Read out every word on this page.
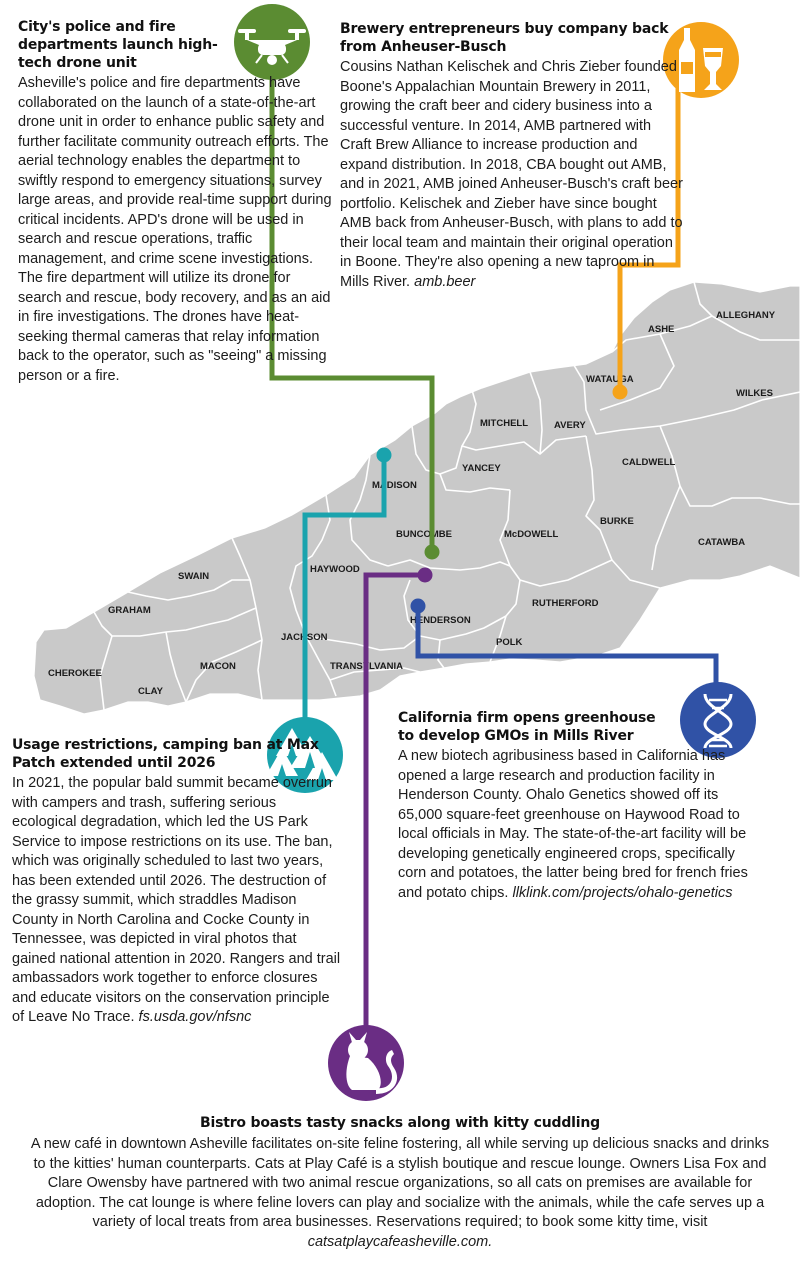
ASHE
ALLEGHANY
WATAUGA
WILKES
MITCHELL	AVERY
CALDWELL
MADISON
YANCEY
BURKE
BUNCOMBE	McDOWELL
CATAWBA
SWAIN
HAYWOOD
RUTHERFORD
GRAHAM
HENDERSON
POLK
JACKSON
CHEROKEE
MACON	TRANSYLVANIA
CLAY
City's police and fire departments launch high-tech drone unit

Asheville's police and fire departments have collaborated on the launch of a state-of-the-art drone unit in order to enhance public safety and further facilitate community outreach efforts. The aerial technology enables the department to swiftly respond to emergency situations, survey large areas, and provide real-time support during critical incidents. APD's drone will be used in search and rescue operations, traffic management, and crime scene investigations. The fire department will utilize its drone for search and rescue, body recovery, and as an aid in fire investigations. The drones have heat-seeking thermal cameras that relay information back to the operator, such as "seeing" a missing person or a fire.

Brewery entrepreneurs buy company back from Anheuser-Busch

Cousins Nathan Kelischek and Chris Zieber founded Boone's Appalachian Mountain Brewery in 2011, growing the craft beer and cidery business into a successful venture. In 2014, AMB partnered with Craft Brew Alliance to increase production and expand distribution. In 2018, CBA bought out AMB, and in 2021, AMB joined Anheuser-Busch's craft beer portfolio. Kelischek and Zieber have since bought AMB back from Anheuser-Busch, with plans to add to their local team and maintain their original operation in Boone. They're also opening a new taproom in Mills River. amb.beer

Usage restrictions, camping ban at Max Patch extended until 2026

In 2021, the popular bald summit became overrun with campers and trash, suffering serious ecological degradation, which led the US Park Service to impose restrictions on its use. The ban, which was originally scheduled to last two years, has been extended until 2026. The destruction of the grassy summit, which straddles Madison County in North Carolina and Cocke County in Tennessee, was depicted in viral photos that gained national attention in 2020. Rangers and trail ambassadors work together to enforce closures and educate visitors on the conservation principle of Leave No Trace. fs.usda.gov/nfsnc

California firm opens greenhouse to develop GMOs in Mills River

A new biotech agribusiness based in California has opened a large research and production facility in Henderson County. Ohalo Genetics showed off its 65,000 square-feet greenhouse on Haywood Road to local officials in May. The state-of-the-art facility will be developing genetically engineered crops, specifically corn and potatoes, the latter being bred for french fries and potato chips. llklink.com/projects/ohalo-genetics

Bistro boasts tasty snacks along with kitty cuddling

A new café in downtown Asheville facilitates on-site feline fostering, all while serving up delicious snacks and drinks to the kitties' human counterparts. Cats at Play Café is a stylish boutique and rescue lounge. Owners Lisa Fox and Clare Owensby have partnered with two animal rescue organizations, so all cats on premises are available for adoption. The cat lounge is where feline lovers can play and socialize with the animals, while the cafe serves up a variety of local treats from area businesses. Reservations required; to book some kitty time, visit catsatplaycafeasheville.com.
